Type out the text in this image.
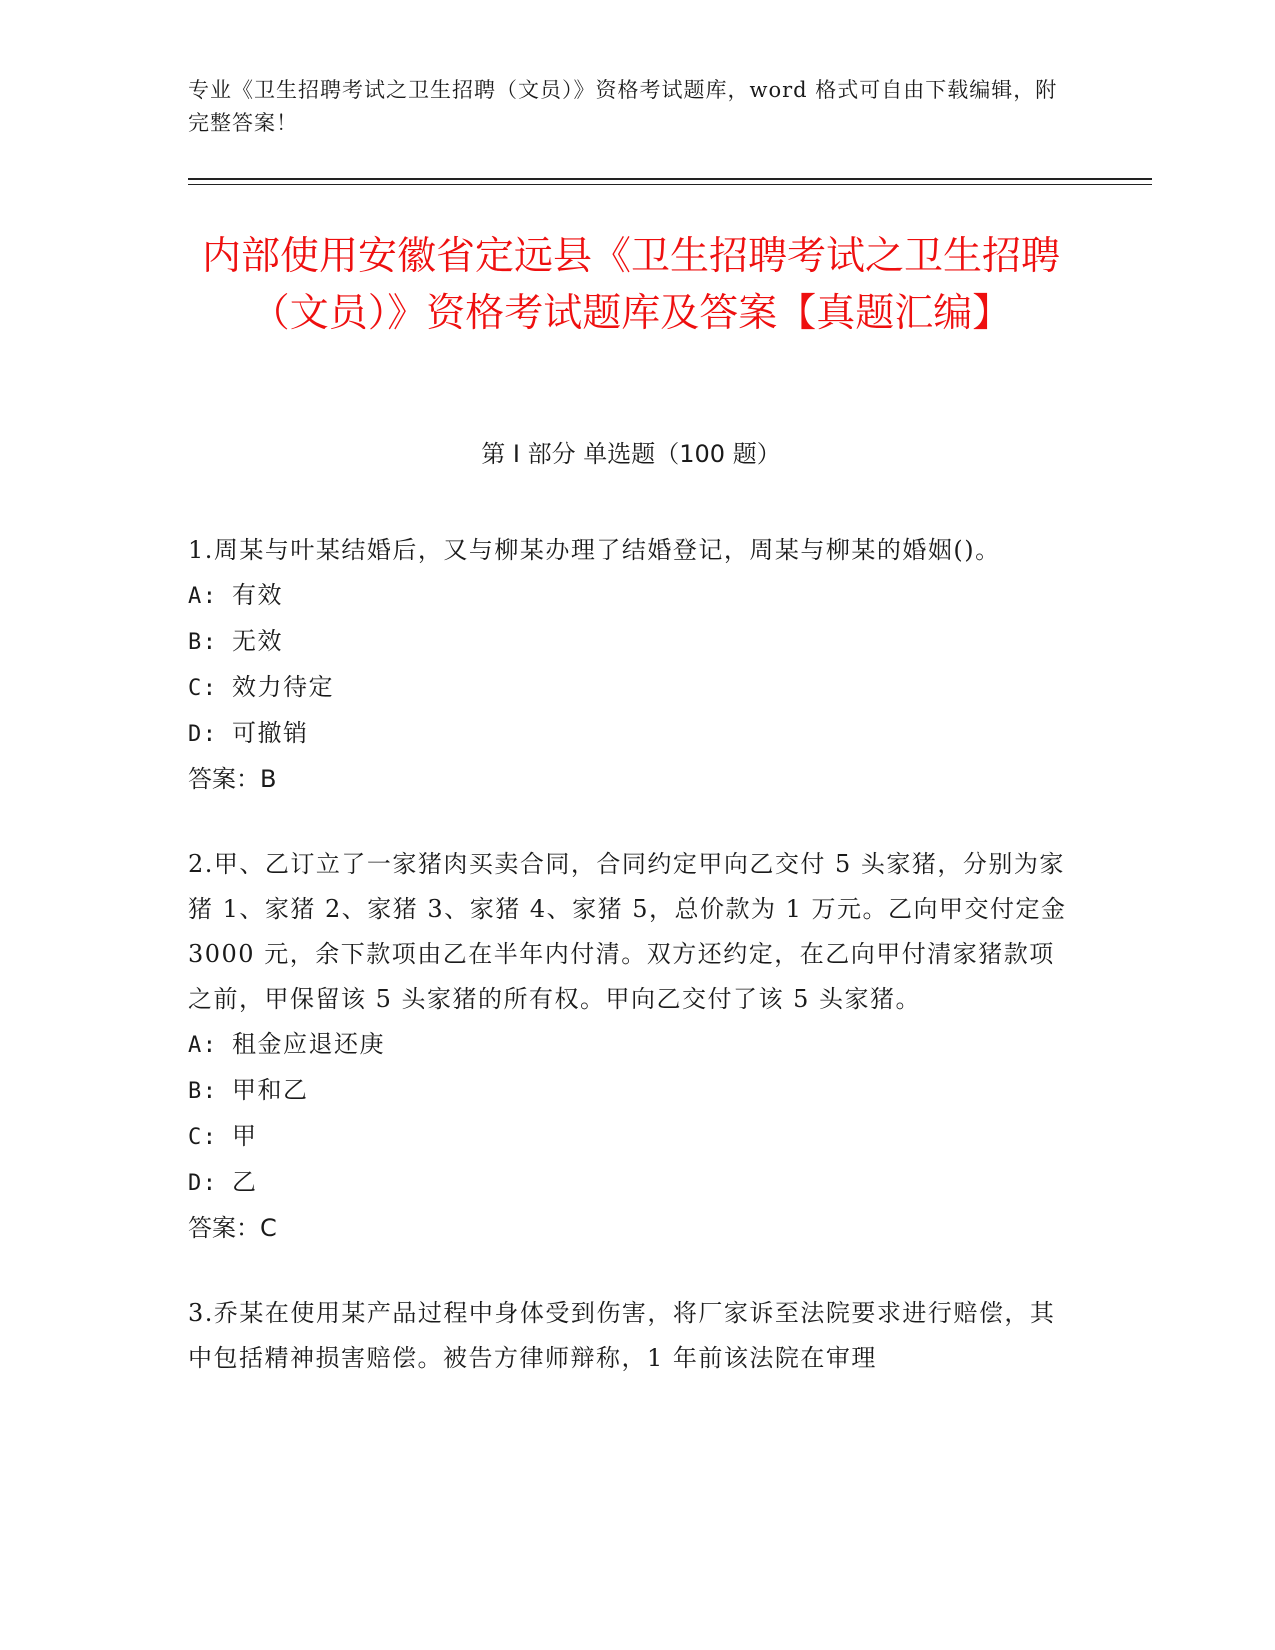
专业《卫生招聘考试之卫生招聘（文员）》资格考试题库，word 格式可自由下载编辑，附完整答案！
内部使用安徽省定远县《卫生招聘考试之卫生招聘（文员）》资格考试题库及答案【真题汇编】
第 I 部分 单选题（100 题）
1.周某与叶某结婚后，又与柳某办理了结婚登记，周某与柳某的婚姻()。
A: 有效
B: 无效
C: 效力待定
D: 可撤销
答案：B
2.甲、乙订立了一家猪肉买卖合同，合同约定甲向乙交付 5 头家猪，分别为家猪 1、家猪 2、家猪 3、家猪 4、家猪 5，总价款为 1 万元。乙向甲交付定金 3000 元，余下款项由乙在半年内付清。双方还约定，在乙向甲付清家猪款项之前，甲保留该 5 头家猪的所有权。甲向乙交付了该 5 头家猪。
A: 租金应退还庚
B: 甲和乙
C: 甲
D: 乙
答案：C
3.乔某在使用某产品过程中身体受到伤害，将厂家诉至法院要求进行赔偿，其中包括精神损害赔偿。被告方律师辩称，1 年前该法院在审理
